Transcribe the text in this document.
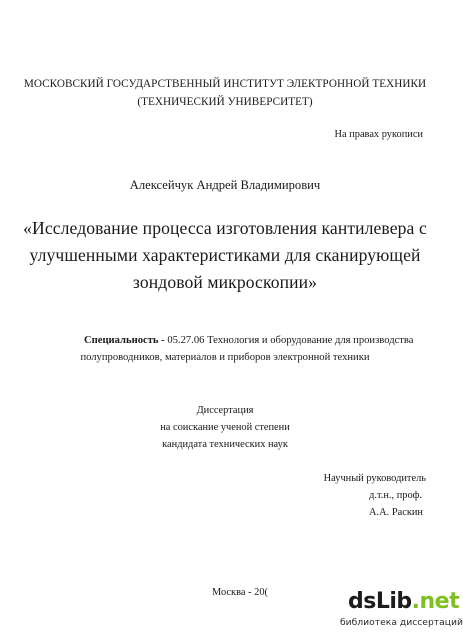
МОСКОВСКИЙ ГОСУДАРСТВЕННЫЙ ИНСТИТУТ ЭЛЕКТРОННОЙ ТЕХНИКИ
(ТЕХНИЧЕСКИЙ УНИВЕРСИТЕТ)
На правах рукописи
Алексейчук Андрей Владимирович
«Исследование процесса изготовления кантилевера с
улучшенными характеристиками для сканирующей
зондовой микроскопии»
Специальность - 05.27.06 Технология и оборудование для производства
полупроводников, материалов и приборов электронной техники
Диссертация
на соискание ученой степени
кандидата технических наук
Научный руководитель
д.т.н., проф.
А.А. Раскин
Москва - 20(	dsLib.net
библиотека диссертаций
